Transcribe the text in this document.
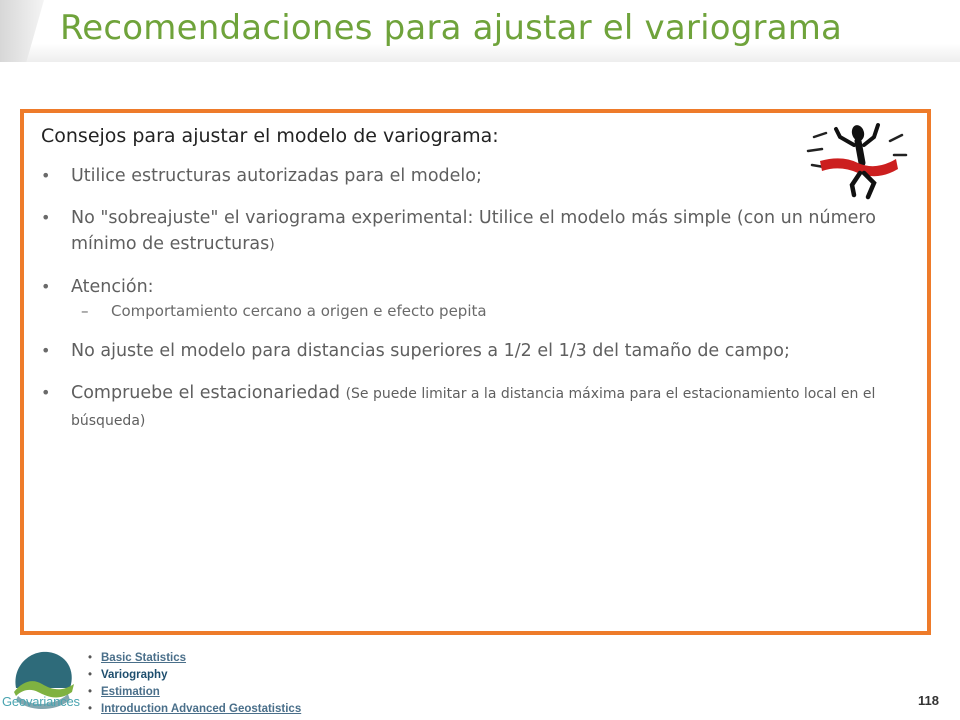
Recomendaciones para ajustar el variograma
Consejos para ajustar el modelo de variograma:
• Utilice estructuras autorizadas para el modelo;
• No "sobreajuste" el variograma experimental: Utilice el modelo más simple (con un número mínimo de estructuras)
• Atención:
– Comportamiento cercano a origen e efecto pepita
• No ajuste el modelo para distancias superiores a 1/2 el 1/3 del tamaño de campo;
• Compruebe el estacionariedad (Se puede limitar a la distancia máxima para el estacionamiento local en el búsqueda)
Geovariances
• Basic Statistics
• Variography
• Estimation
• Introduction Advanced Geostatistics
118
